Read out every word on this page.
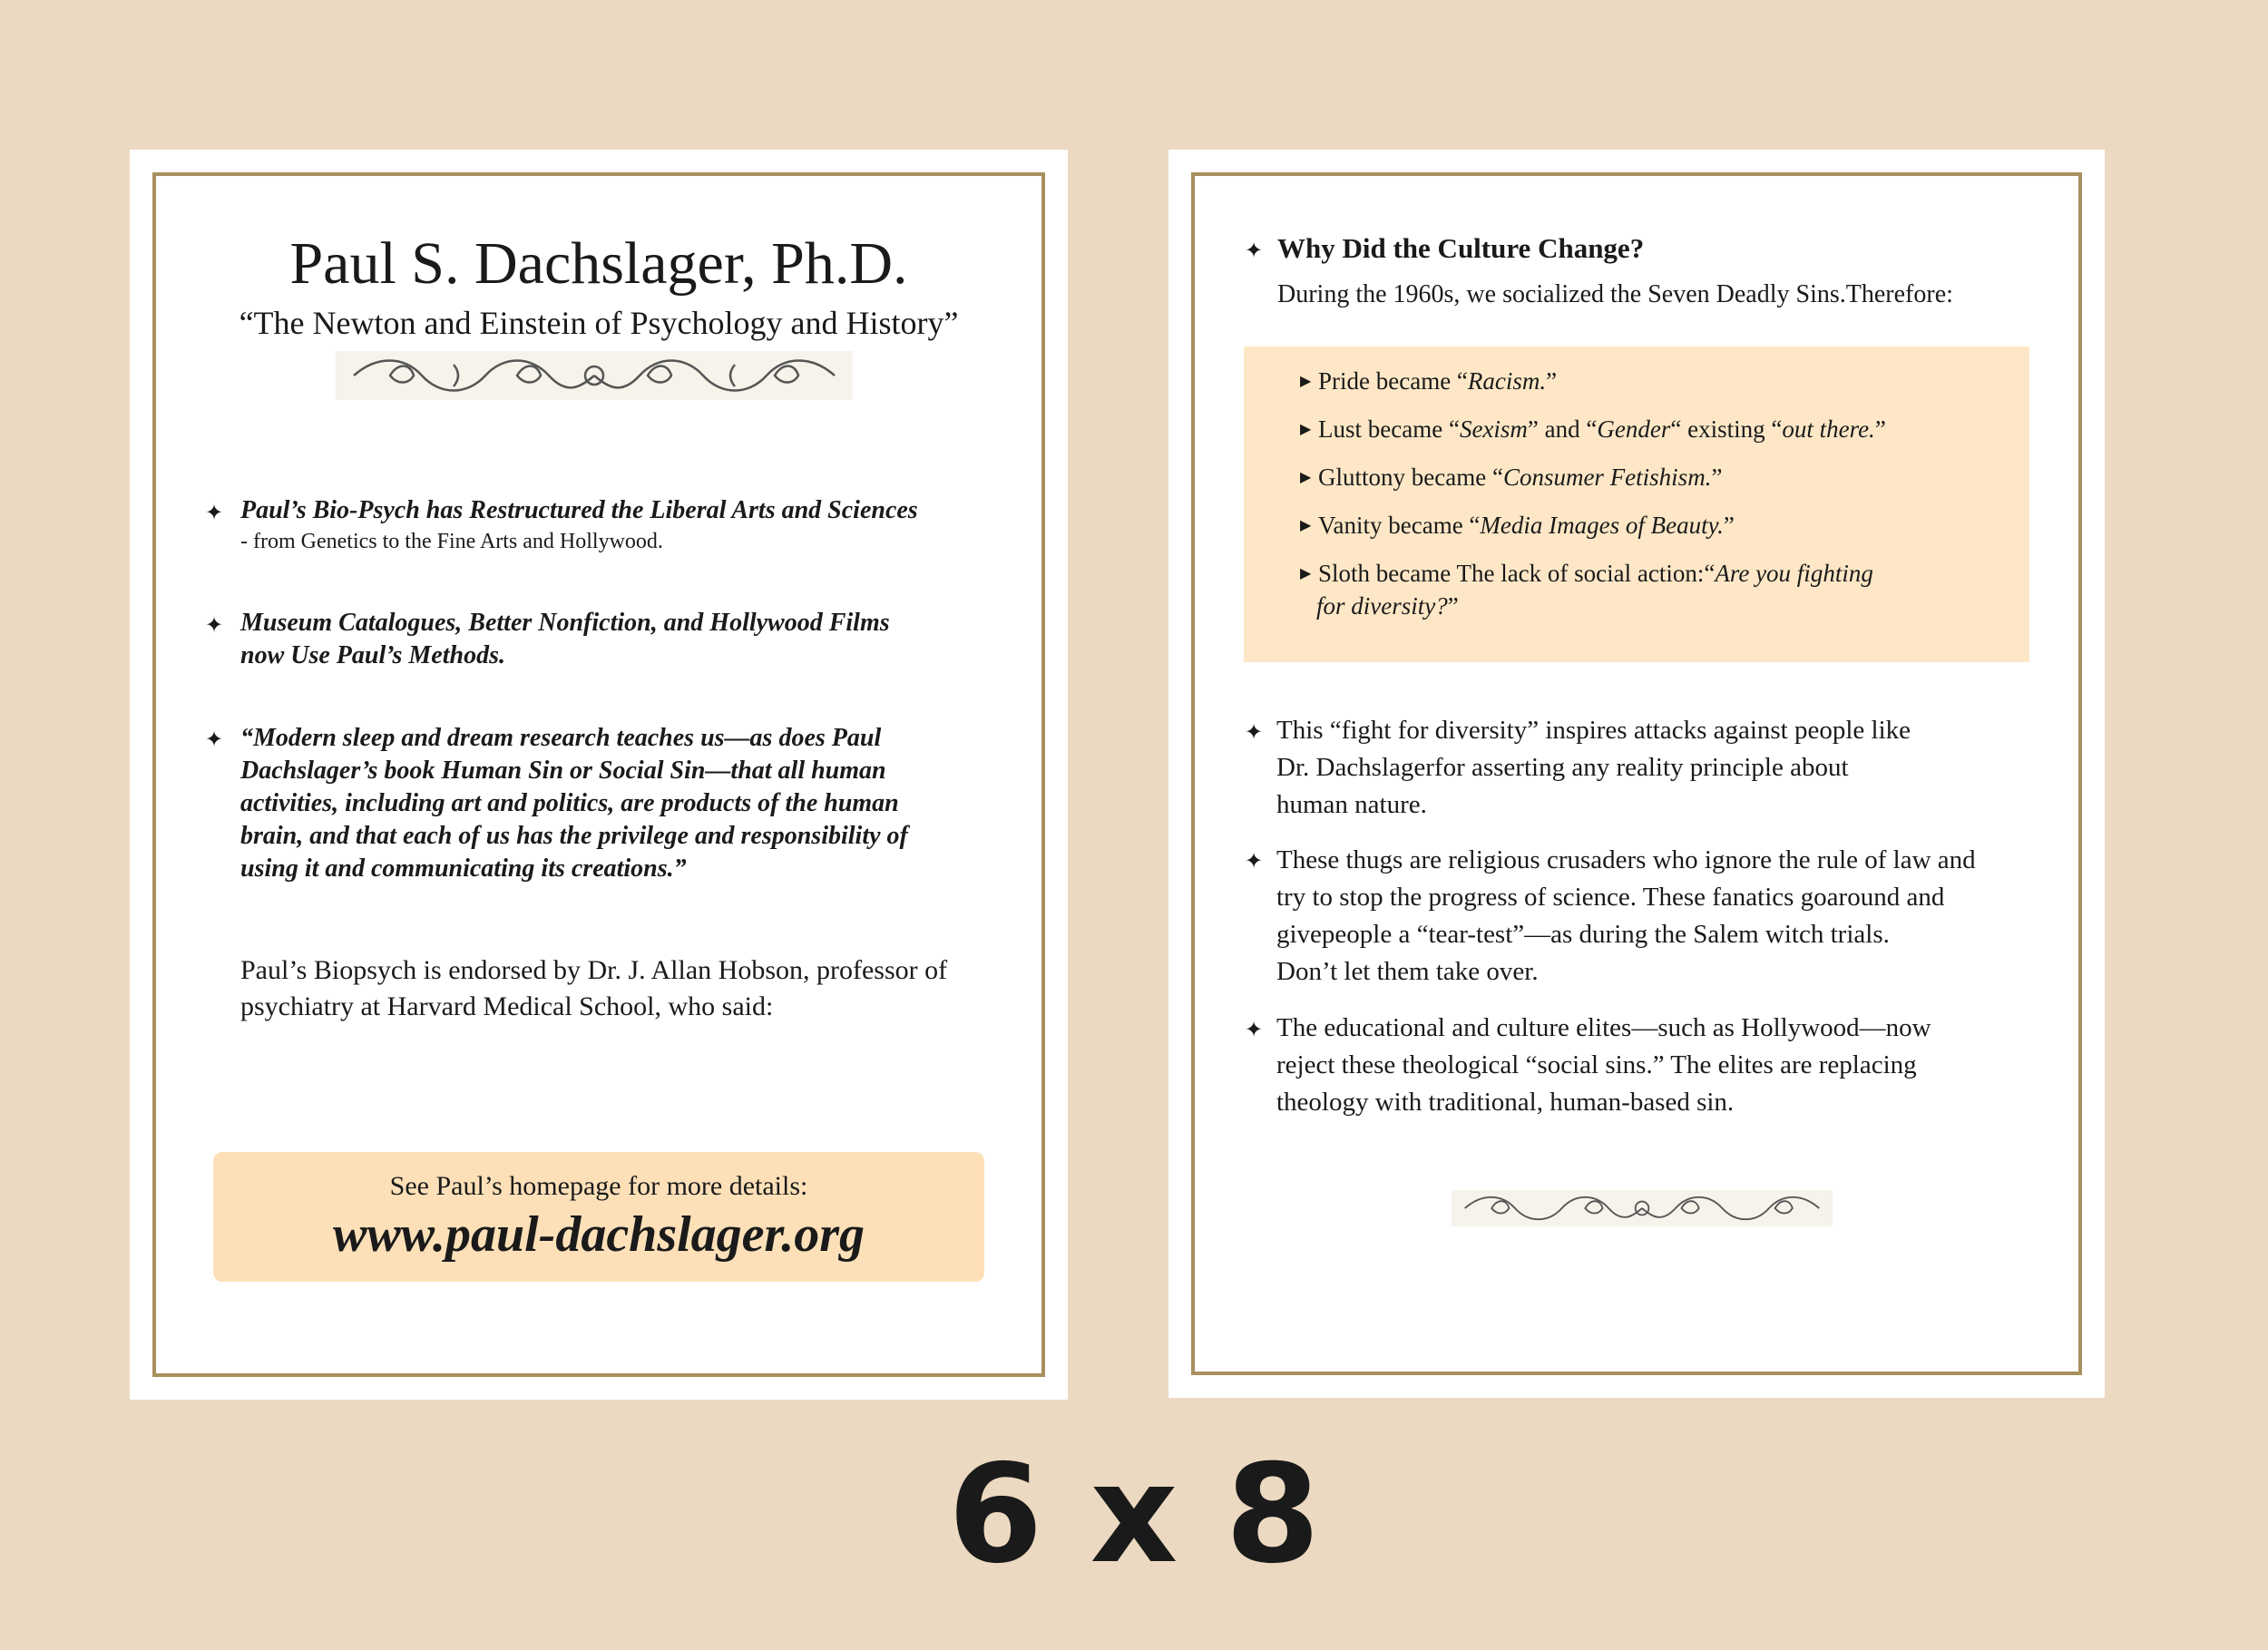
Paul S. Dachslager, Ph.D.
“The Newton and Einstein of Psychology and History”
✦ Paul’s Bio-Psych has Restructured the Liberal Arts and Sciences
- from Genetics to the Fine Arts and Hollywood.
✦ Museum Catalogues, Better Nonfiction, and Hollywood Films
now Use Paul’s Methods.
✦ “Modern sleep and dream research teaches us—as does Paul
Dachslager’s book Human Sin or Social Sin—that all human
activities, including art and politics, are products of the human
brain, and that each of us has the privilege and responsibility of
using it and communicating its creations.”
Paul’s Biopsych is endorsed by Dr. J. Allan Hobson, professor of
psychiatry at Harvard Medical School, who said:
See Paul’s homepage for more details:
www.paul-dachslager.org
✦ Why Did the Culture Change?
During the 1960s, we socialized the Seven Deadly Sins.Therefore:
▶ Pride became “Racism.”
▶ Lust became “Sexism” and “Gender“ existing “out there.”
▶ Gluttony became “Consumer Fetishism.”
▶ Vanity became “Media Images of Beauty.”
▶ Sloth became The lack of social action:“Are you fighting
for diversity?”
✦ This “fight for diversity” inspires attacks against people like
Dr. Dachslagerfor asserting any reality principle about
human nature.
✦ These thugs are religious crusaders who ignore the rule of law and
try to stop the progress of science. These fanatics goaround and
givepeople a “tear-test”—as during the Salem witch trials.
Don’t let them take over.
✦ The educational and culture elites—such as Hollywood—now
reject these theological “social sins.” The elites are replacing
theology with traditional, human-based sin.
6 x 8
